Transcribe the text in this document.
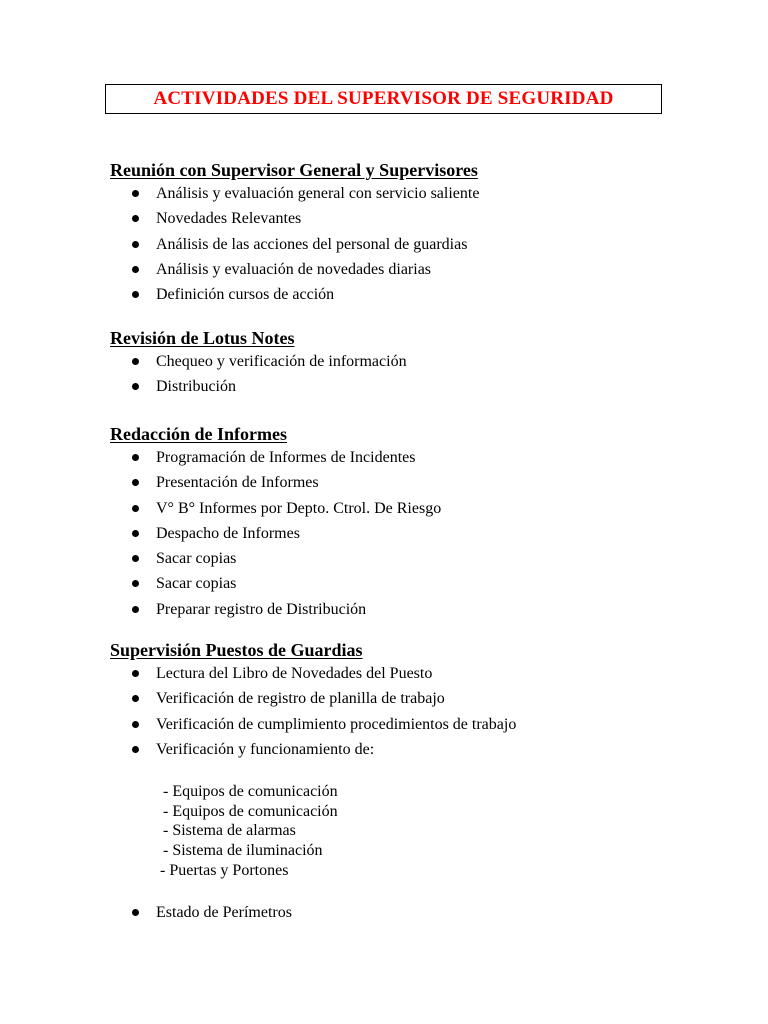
ACTIVIDADES DEL SUPERVISOR DE SEGURIDAD
Reunión con Supervisor General y Supervisores
Análisis y evaluación general con servicio saliente
Novedades Relevantes
Análisis de las acciones del personal de guardias
Análisis y evaluación de novedades diarias
Definición cursos de acción
Revisión de Lotus Notes
Chequeo y verificación de información
Distribución
Redacción de Informes
Programación de Informes de Incidentes
Presentación de Informes
V° B° Informes por Depto. Ctrol. De Riesgo
Despacho de Informes
Sacar copias
Sacar copias
Preparar registro de Distribución
Supervisión Puestos de Guardias
Lectura del Libro de Novedades del Puesto
Verificación de registro de planilla de trabajo
Verificación de cumplimiento procedimientos de trabajo
Verificación y funcionamiento de:
- Equipos de comunicación
- Equipos de comunicación
- Sistema de alarmas
- Sistema de iluminación
- Puertas y Portones
Estado de Perímetros
